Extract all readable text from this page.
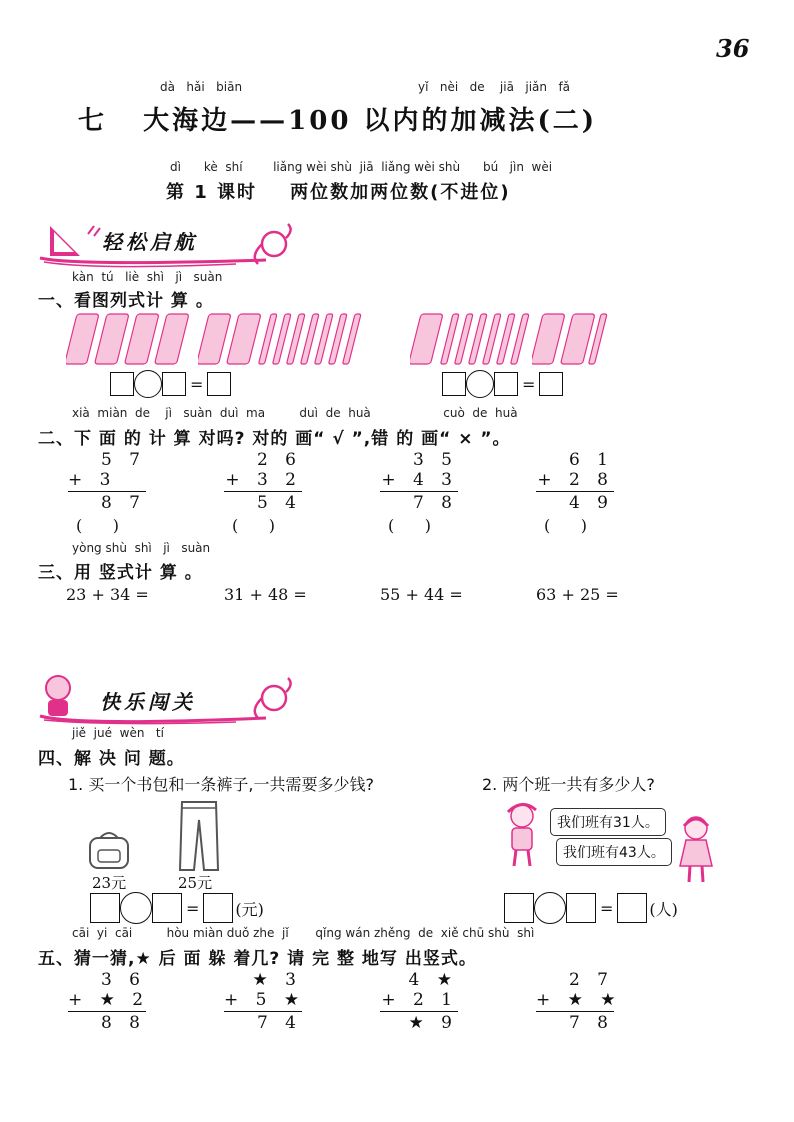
36
dà   hǎi   biān	yǐ   nèi   de    jiā   jiǎn   fǎ
七   大海边——100 以内的加减法(二)
dì      kè  shí        liǎng wèi shù  jiā  liǎng wèi shù      bú   jìn  wèi
第 1 课时    两位数加两位数(不进位)
轻松启航
kàn  tú   liè  shì   jì   suàn
一、看图列式计 算 。
=	=
xià  miàn  de    jì   suàn  duì  ma         duì  de  huà                   cuò  de  huà
二、下 面 的 计 算 对吗? 对的 画“ √ ”,错 的 画“ × ”。
5 7
+ 3
8 7
2 6
+ 3 2
5 4
3 5
+ 4 3
7 8
6 1
+ 2 8
4 9
(      )	(      )	(      )	(      )
yòng shù  shì   jì   suàn
三、用 竖式计 算 。
23 + 34 =	31 + 48 =	55 + 44 =	63 + 25 =
快乐闯关
jiě  jué  wèn   tí
四、解 决 问 题。
1. 买一个书包和一条裤子,一共需要多少钱?	2. 两个班一共有多少人?
23元	25元
我们班有31人。
我们班有43人。
= (元)	= (人)
cāi  yi  cāi         hòu miàn duǒ zhe  jǐ       qǐng wán zhěng  de  xiě chū shù  shì
五、猜一猜,★ 后 面 躲 着几? 请 完 整 地写 出竖式。
3 6
+ ★ 2
8 8
★ 3
+ 5 ★
7 4
4 ★
+ 2 1
★ 9
2 7
+ ★ ★
7 8
